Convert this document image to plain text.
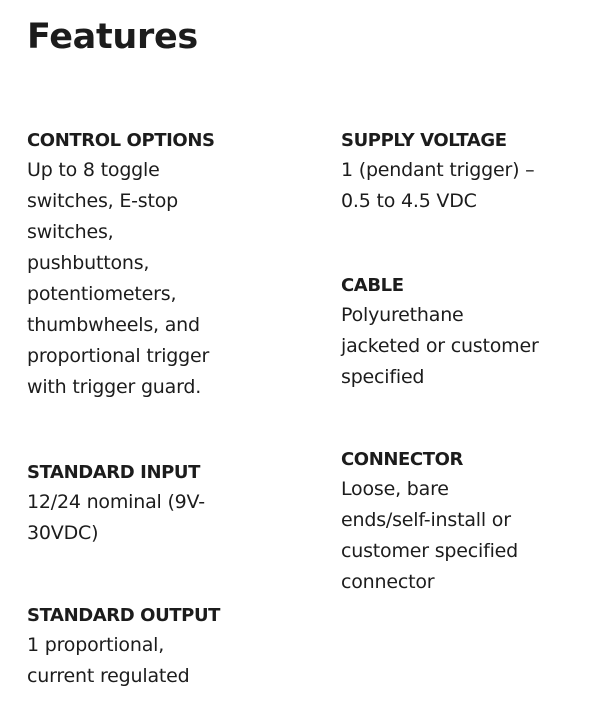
Features
CONTROL OPTIONS
Up to 8 toggle
switches, E-stop
switches,
pushbuttons,
potentiometers,
thumbwheels, and
proportional trigger
with trigger guard.
STANDARD INPUT
12/24 nominal (9V-
30VDC)
STANDARD OUTPUT
1 proportional,
current regulated
SUPPLY VOLTAGE
1 (pendant trigger) –
0.5 to 4.5 VDC
CABLE
Polyurethane
jacketed or customer
specified
CONNECTOR
Loose, bare
ends/self-install or
customer specified
connector
